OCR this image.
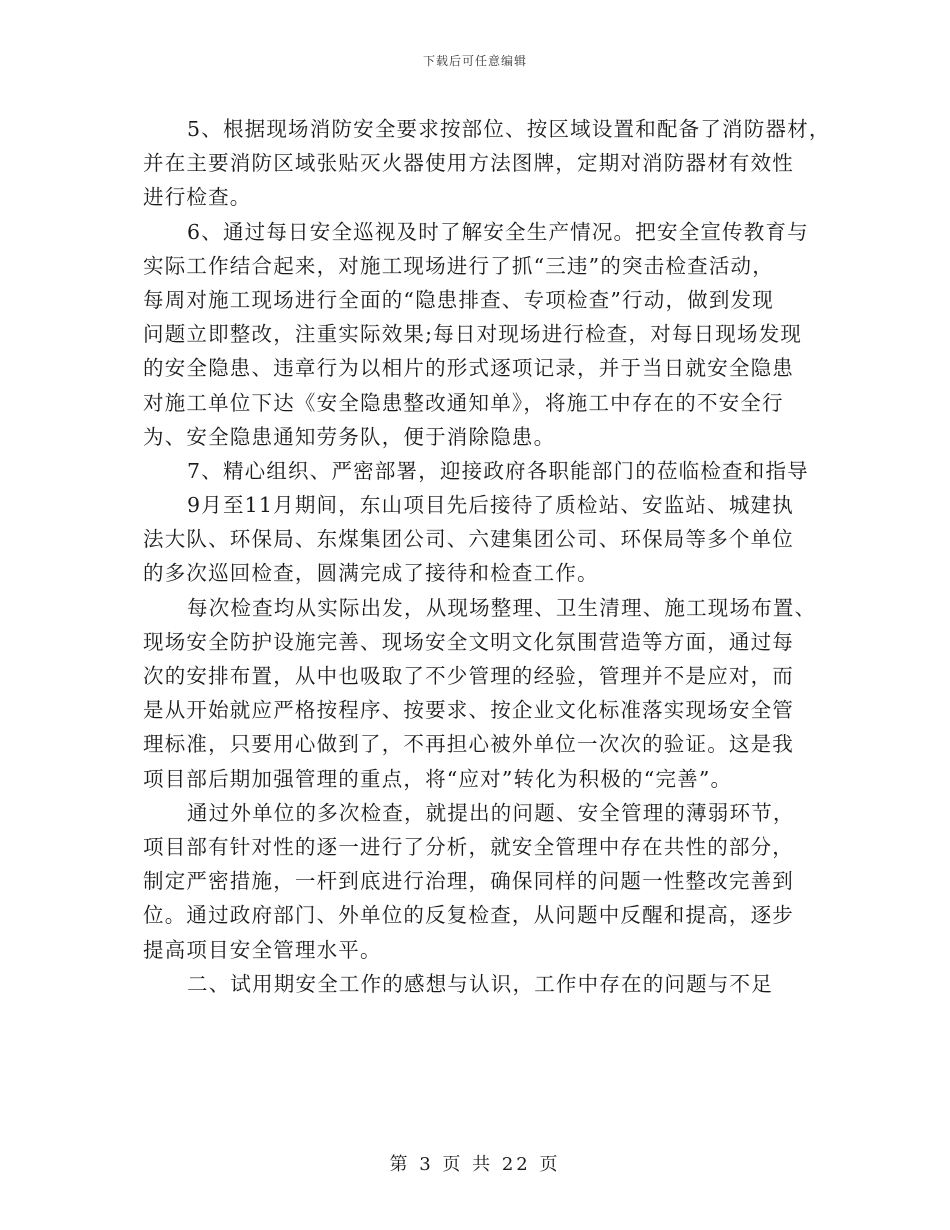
下载后可任意编辑
5、根据现场消防安全要求按部位、按区域设置和配备了消防器材，
并在主要消防区域张贴灭火器使用方法图牌，定期对消防器材有效性
进行检查。
6、通过每日安全巡视及时了解安全生产情况。把安全宣传教育与
实际工作结合起来，对施工现场进行了抓“三违”的突击检查活动，
每周对施工现场进行全面的“隐患排查、专项检查”行动，做到发现
问题立即整改，注重实际效果;每日对现场进行检查，对每日现场发现
的安全隐患、违章行为以相片的形式逐项记录，并于当日就安全隐患
对施工单位下达《安全隐患整改通知单》，将施工中存在的不安全行
为、安全隐患通知劳务队，便于消除隐患。
7、精心组织、严密部署，迎接政府各职能部门的莅临检查和指导
9月至11月期间，东山项目先后接待了质检站、安监站、城建执
法大队、环保局、东煤集团公司、六建集团公司、环保局等多个单位
的多次巡回检查，圆满完成了接待和检查工作。
每次检查均从实际出发，从现场整理、卫生清理、施工现场布置、
现场安全防护设施完善、现场安全文明文化氛围营造等方面，通过每
次的安排布置，从中也吸取了不少管理的经验，管理并不是应对，而
是从开始就应严格按程序、按要求、按企业文化标准落实现场安全管
理标准，只要用心做到了，不再担心被外单位一次次的验证。这是我
项目部后期加强管理的重点，将“应对”转化为积极的“完善”。
通过外单位的多次检查，就提出的问题、安全管理的薄弱环节，
项目部有针对性的逐一进行了分析，就安全管理中存在共性的部分，
制定严密措施，一杆到底进行治理，确保同样的问题一性整改完善到
位。通过政府部门、外单位的反复检查，从问题中反醒和提高，逐步
提高项目安全管理水平。
二、试用期安全工作的感想与认识，工作中存在的问题与不足
第 3 页 共 22 页
